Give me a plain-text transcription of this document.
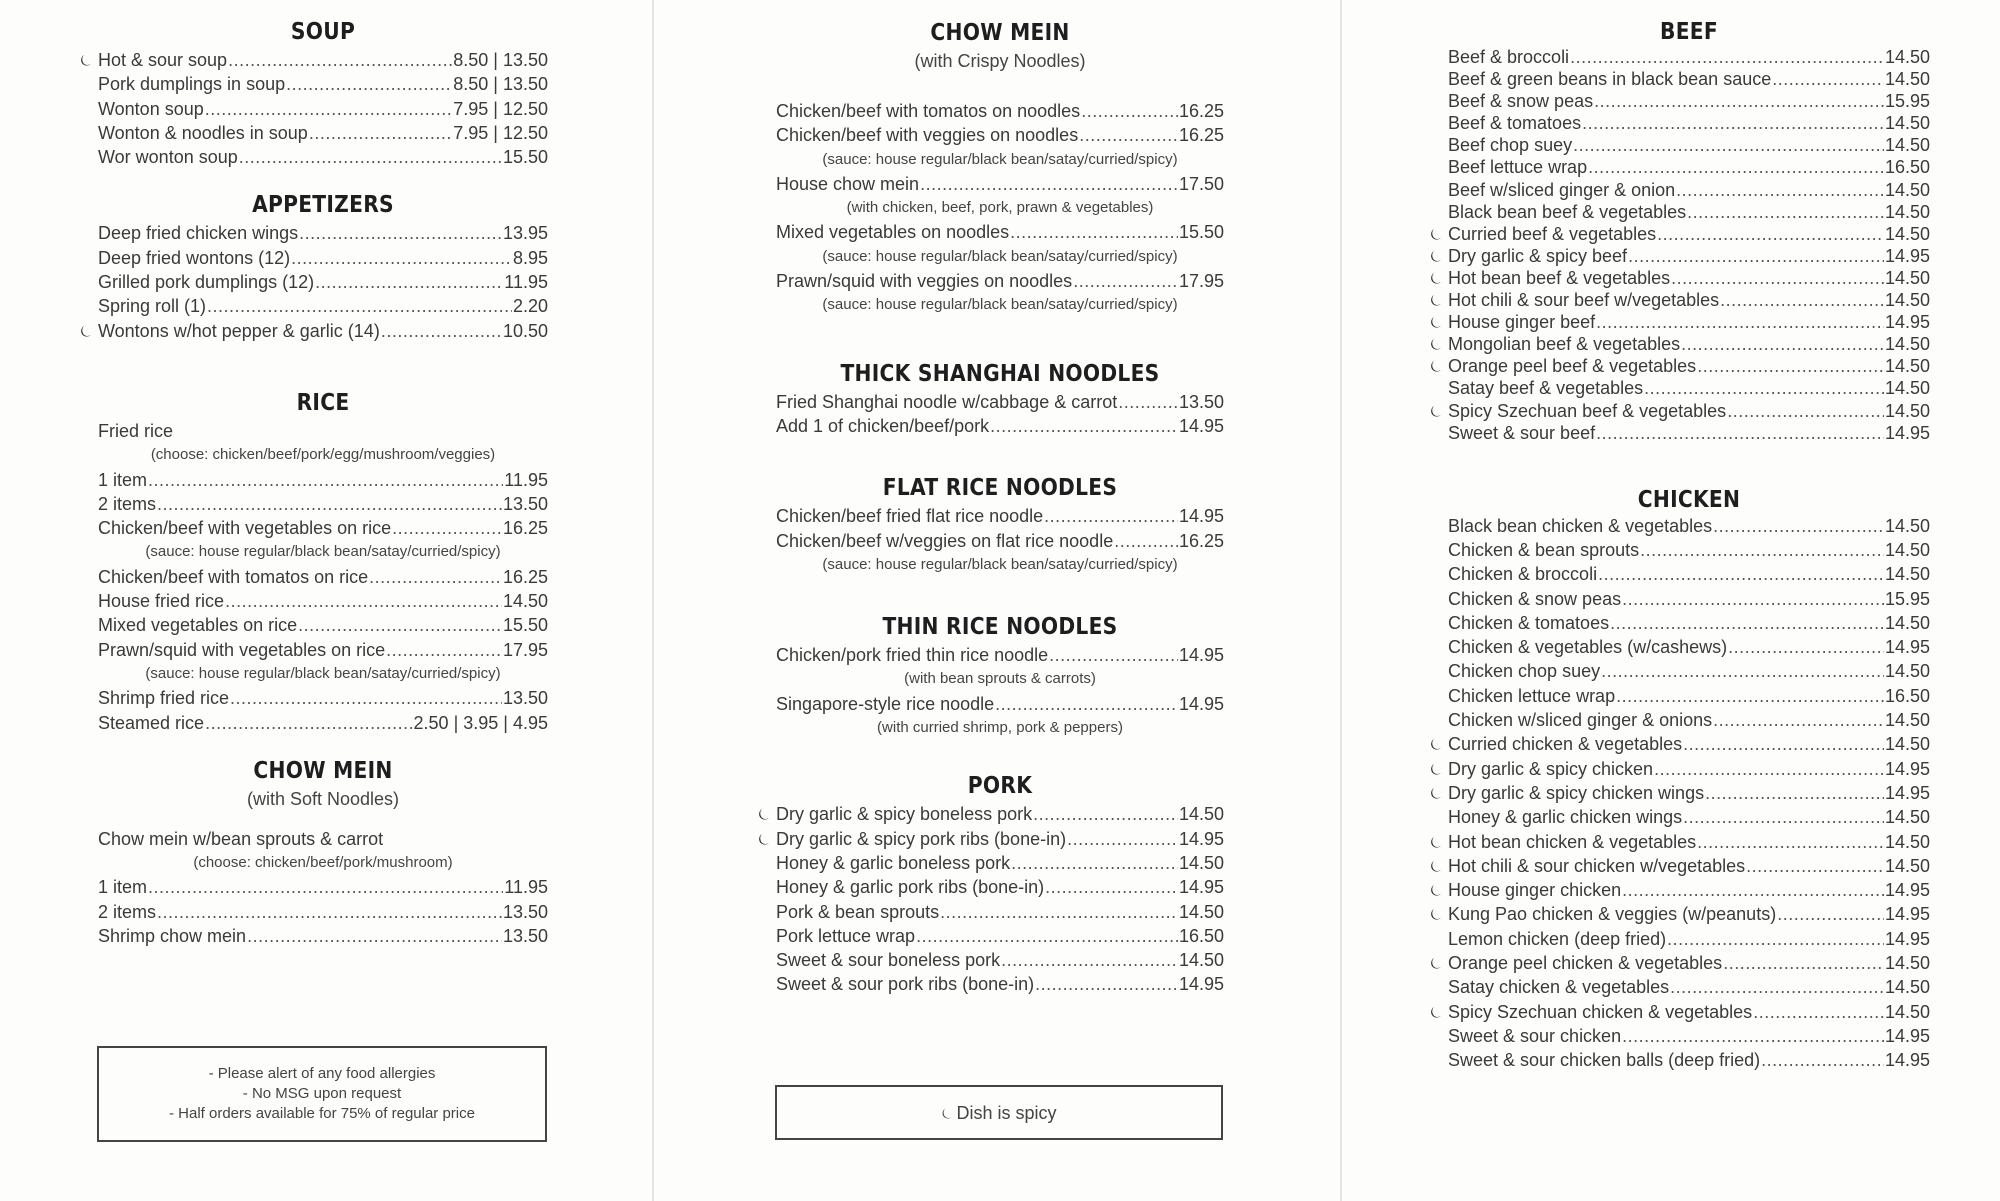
SOUP
⏾ Hot & sour soup .....	8.50 | 13.50
Pork dumplings in soup .....	8.50 | 13.50
Wonton soup .....	7.95 | 12.50
Wonton & noodles in soup .....	7.95 | 12.50
Wor wonton soup .....	15.50
APPETIZERS
Deep fried chicken wings .....	13.95
Deep fried wontons (12) .....	8.95
Grilled pork dumplings (12) .....	11.95
Spring roll (1) .....	2.20
⏾ Wontons w/hot pepper & garlic (14) .....	10.50
RICE
Fried rice
(choose: chicken/beef/pork/egg/mushroom/veggies)
1 item .....	11.95
2 items .....	13.50
Chicken/beef with vegetables on rice .....	16.25
(sauce: house regular/black bean/satay/curried/spicy)
Chicken/beef with tomatos on rice .....	16.25
House fried rice .....	14.50
Mixed vegetables on rice .....	15.50
Prawn/squid with vegetables on rice .....	17.95
(sauce: house regular/black bean/satay/curried/spicy)
Shrimp fried rice .....	13.50
Steamed rice .....	2.50 | 3.95 | 4.95
CHOW MEIN
(with Soft Noodles)
Chow mein w/bean sprouts & carrot
(choose: chicken/beef/pork/mushroom)
1 item .....	11.95
2 items .....	13.50
Shrimp chow mein .....	13.50
- Please alert of any food allergies
- No MSG upon request
- Half orders available for 75% of regular price
CHOW MEIN
(with Crispy Noodles)
Chicken/beef with tomatos on noodles .....	16.25
Chicken/beef with veggies on noodles .....	16.25
(sauce: house regular/black bean/satay/curried/spicy)
House chow mein .....	17.50
(with chicken, beef, pork, prawn & vegetables)
Mixed vegetables on noodles .....	15.50
(sauce: house regular/black bean/satay/curried/spicy)
Prawn/squid with veggies on noodles .....	17.95
(sauce: house regular/black bean/satay/curried/spicy)
THICK SHANGHAI NOODLES
Fried Shanghai noodle w/cabbage & carrot .....	13.50
Add 1 of chicken/beef/pork .....	14.95
FLAT RICE NOODLES
Chicken/beef fried flat rice noodle .....	14.95
Chicken/beef w/veggies on flat rice noodle .....	16.25
(sauce: house regular/black bean/satay/curried/spicy)
THIN RICE NOODLES
Chicken/pork fried thin rice noodle .....	14.95
(with bean sprouts & carrots)
Singapore-style rice noodle .....	14.95
(with curried shrimp, pork & peppers)
PORK
⏾ Dry garlic & spicy boneless pork .....	14.50
⏾ Dry garlic & spicy pork ribs (bone-in) .....	14.95
Honey & garlic boneless pork .....	14.50
Honey & garlic pork ribs (bone-in) .....	14.95
Pork & bean sprouts .....	14.50
Pork lettuce wrap .....	16.50
Sweet & sour boneless pork .....	14.50
Sweet & sour pork ribs (bone-in) .....	14.95
⏾ Dish is spicy
BEEF
Beef & broccoli .....	14.50
Beef & green beans in black bean sauce .....	14.50
Beef & snow peas .....	15.95
Beef & tomatoes .....	14.50
Beef chop suey .....	14.50
Beef lettuce wrap .....	16.50
Beef w/sliced ginger & onion .....	14.50
Black bean beef & vegetables .....	14.50
⏾ Curried beef & vegetables .....	14.50
⏾ Dry garlic & spicy beef .....	14.95
⏾ Hot bean beef & vegetables .....	14.50
⏾ Hot chili & sour beef w/vegetables .....	14.50
⏾ House ginger beef .....	14.95
⏾ Mongolian beef & vegetables .....	14.50
⏾ Orange peel beef & vegetables .....	14.50
Satay beef & vegetables .....	14.50
⏾ Spicy Szechuan beef & vegetables .....	14.50
Sweet & sour beef .....	14.95
CHICKEN
Black bean chicken & vegetables .....	14.50
Chicken & bean sprouts .....	14.50
Chicken & broccoli .....	14.50
Chicken & snow peas .....	15.95
Chicken & tomatoes .....	14.50
Chicken & vegetables (w/cashews) .....	14.95
Chicken chop suey .....	14.50
Chicken lettuce wrap .....	16.50
Chicken w/sliced ginger & onions .....	14.50
⏾ Curried chicken & vegetables .....	14.50
⏾ Dry garlic & spicy chicken .....	14.95
⏾ Dry garlic & spicy chicken wings .....	14.95
Honey & garlic chicken wings .....	14.50
⏾ Hot bean chicken & vegetables .....	14.50
⏾ Hot chili & sour chicken w/vegetables .....	14.50
⏾ House ginger chicken .....	14.95
⏾ Kung Pao chicken & veggies (w/peanuts) .....	14.95
Lemon chicken (deep fried) .....	14.95
⏾ Orange peel chicken & vegetables .....	14.50
Satay chicken & vegetables .....	14.50
⏾ Spicy Szechuan chicken & vegetables .....	14.50
Sweet & sour chicken .....	14.95
Sweet & sour chicken balls (deep fried) .....	14.95
